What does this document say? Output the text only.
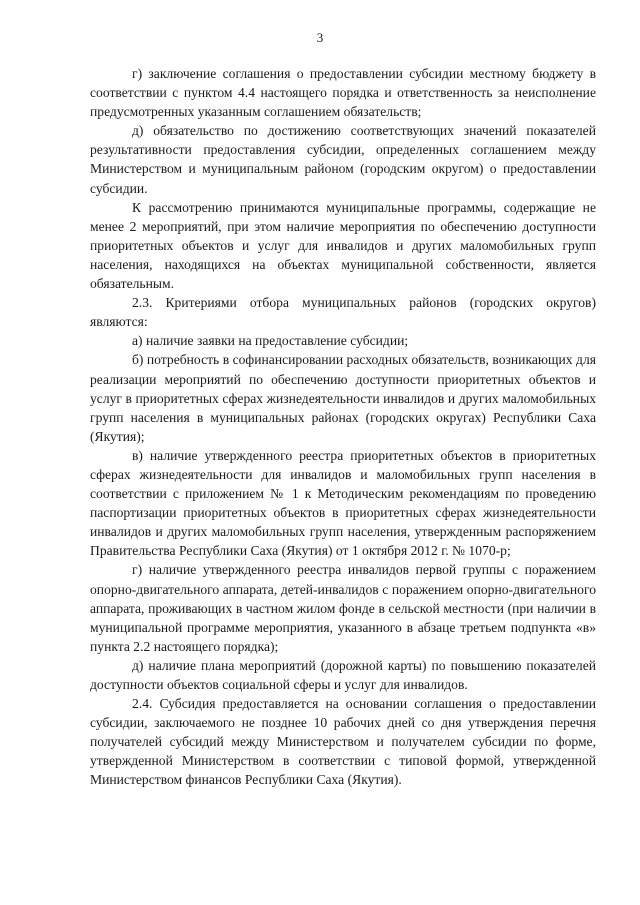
3

г) заключение соглашения о предоставлении субсидии местному бюджету в соответствии с пунктом 4.4 настоящего порядка и ответственность за неисполнение предусмотренных указанным соглашением обязательств;

д) обязательство по достижению соответствующих значений показателей результативности предоставления субсидии, определенных соглашением между Министерством и муниципальным районом (городским округом) о предоставлении субсидии.

К рассмотрению принимаются муниципальные программы, содержащие не менее 2 мероприятий, при этом наличие мероприятия по обеспечению доступности приоритетных объектов и услуг для инвалидов и других маломобильных групп населения, находящихся на объектах муниципальной собственности, является обязательным.

2.3. Критериями отбора муниципальных районов (городских округов) являются:

а) наличие заявки на предоставление субсидии;

б) потребность в софинансировании расходных обязательств, возникающих для реализации мероприятий по обеспечению доступности приоритетных объектов и услуг в приоритетных сферах жизнедеятельности инвалидов и других маломобильных групп населения в муниципальных районах (городских округах) Республики Саха (Якутия);

в) наличие утвержденного реестра приоритетных объектов в приоритетных сферах жизнедеятельности для инвалидов и маломобильных групп населения в соответствии с приложением № 1 к Методическим рекомендациям по проведению паспортизации приоритетных объектов в приоритетных сферах жизнедеятельности инвалидов и других маломобильных групп населения, утвержденным распоряжением Правительства Республики Саха (Якутия) от 1 октября 2012 г. № 1070-р;

г) наличие утвержденного реестра инвалидов первой группы с поражением опорно-двигательного аппарата, детей-инвалидов с поражением опорно-двигательного аппарата, проживающих в частном жилом фонде в сельской местности (при наличии в муниципальной программе мероприятия, указанного в абзаце третьем подпункта «в» пункта 2.2 настоящего порядка);

д) наличие плана мероприятий (дорожной карты) по повышению показателей доступности объектов социальной сферы и услуг для инвалидов.

2.4. Субсидия предоставляется на основании соглашения о предоставлении субсидии, заключаемого не позднее 10 рабочих дней со дня утверждения перечня получателей субсидий между Министерством и получателем субсидии по форме, утвержденной Министерством в соответствии с типовой формой, утвержденной Министерством финансов Республики Саха (Якутия).
